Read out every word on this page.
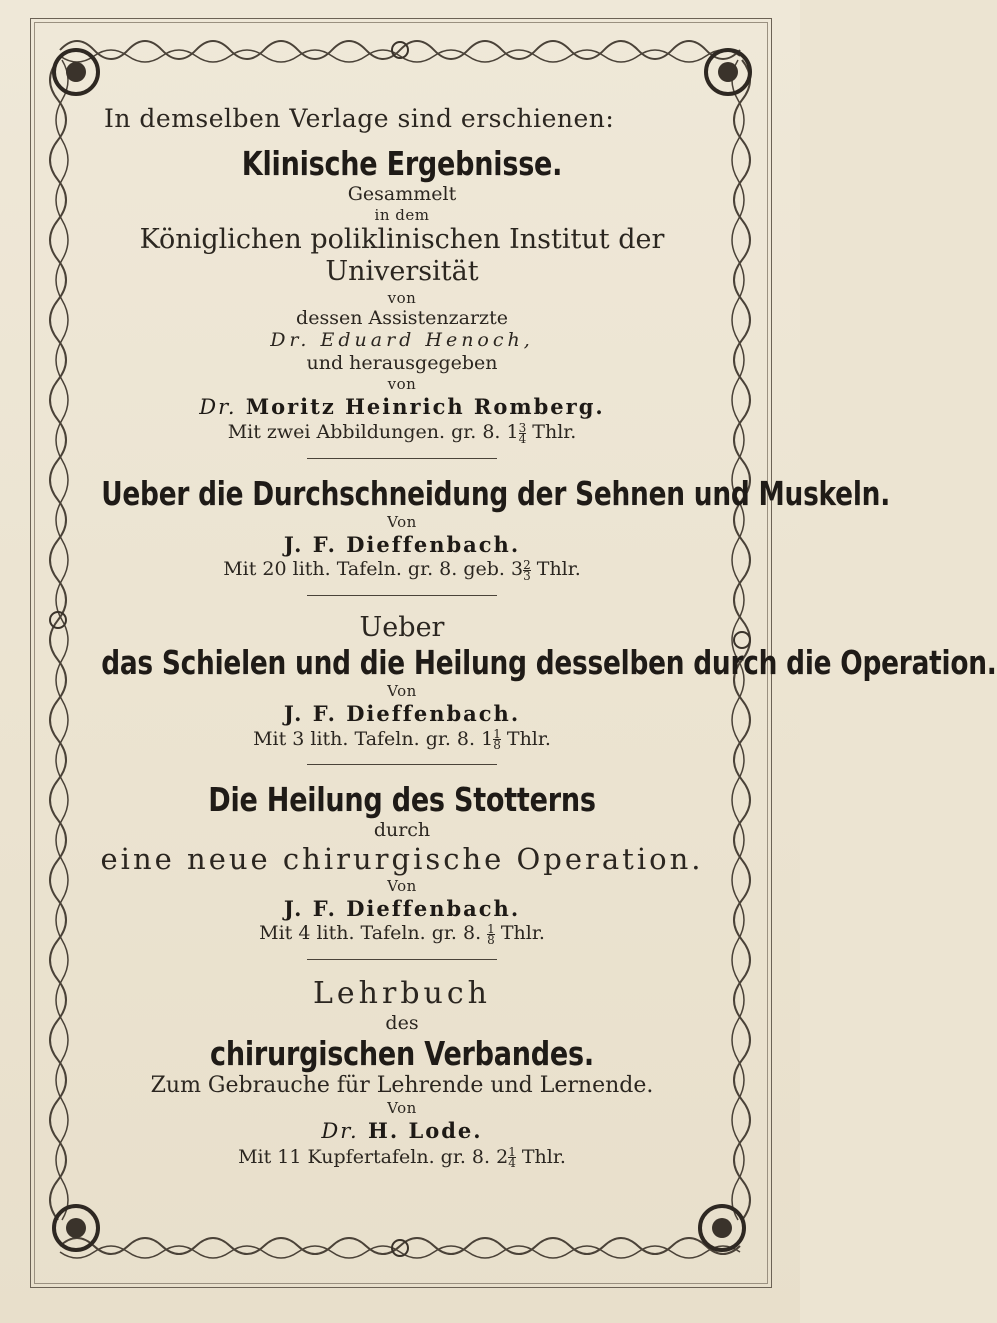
In demselben Verlage sind erschienen:
Klinische Ergebnisse.
Gesammelt
in dem
Königlichen poliklinischen Institut der Universität
von
dessen Assistenzarzte
Dr. Eduard Henoch,
und herausgegeben
von
Dr. Moritz Heinrich Romberg.
Mit zwei Abbildungen. gr. 8. $1 \frac{3}{4}$ Thlr.
Ueber die Durchschneidung der Sehnen und Muskeln.
Von
J. F. Dieffenbach.
Mit 20 lith. Tafeln. gr. 8. geb. $3 \frac{2}{3}$ Thlr.
Ueber
das Schielen und die Heilung desselben durch die Operation.
Von
J. F. Dieffenbach.
Mit 3 lith. Tafeln. gr. 8. $1 \frac{1}{8}$ Thlr.
Die Heilung des Stotterns
durch
eine neue chirurgische Operation.
Von
J. F. Dieffenbach.
Mit 4 lith. Tafeln. gr. 8. $\frac{1}{8}$ Thlr.
Lehrbuch
des
chirurgischen Verbandes.
Zum Gebrauche für Lehrende und Lernende.
Von
Dr. H. Lode.
Mit 11 Kupfertafeln. gr. 8. $2 \frac{1}{4}$ Thlr.
